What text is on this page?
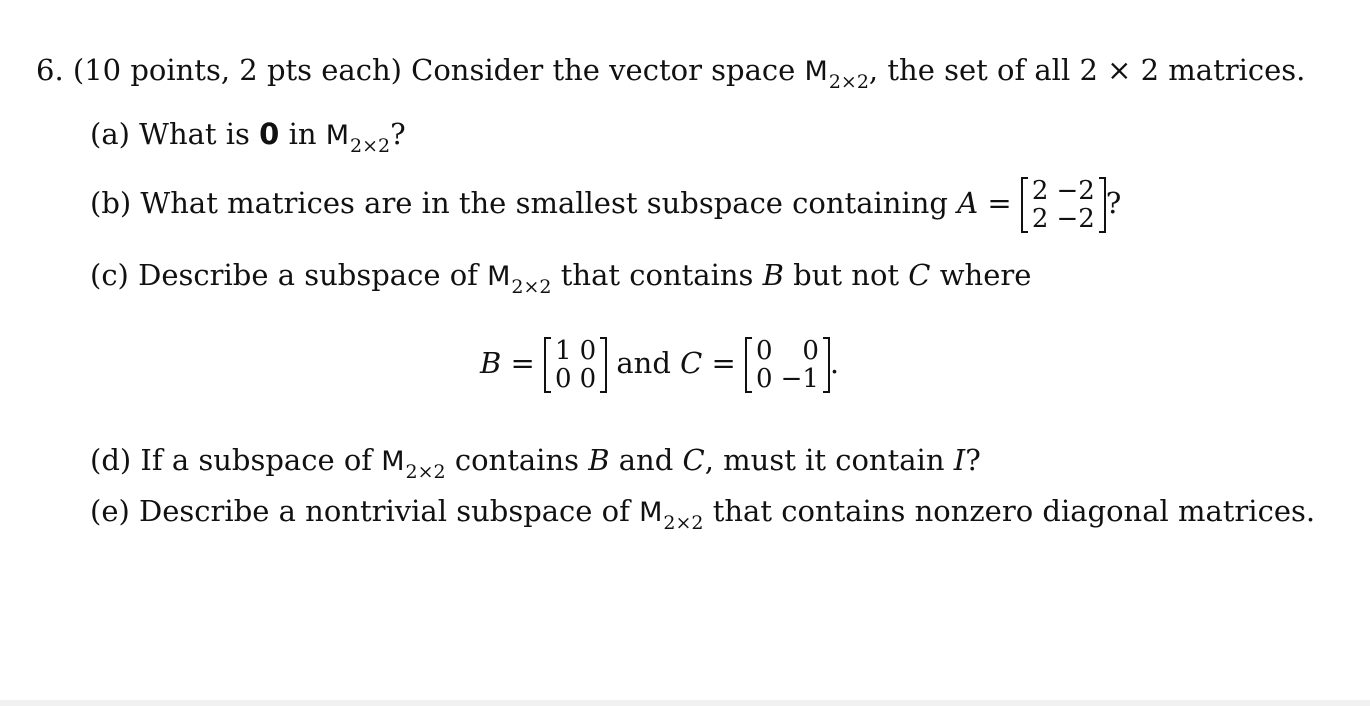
6. (10 points, 2 pts each) Consider the vector space $M_{2\times 2}$, the set of all 2 × 2 matrices.
(a) What is 0 in $M_{2\times 2}$?
(b) What matrices are in the smallest subspace containing A = 2	−2
2	−2 ?
(c) Describe a subspace of $M_{2\times 2}$ that contains B but not C where
B = 1	0
0	0 and C = 0	0
0	−1 .
(d) If a subspace of $M_{2\times 2}$ contains B and C, must it contain I?
(e) Describe a nontrivial subspace of $M_{2\times 2}$ that contains nonzero diagonal matrices.
